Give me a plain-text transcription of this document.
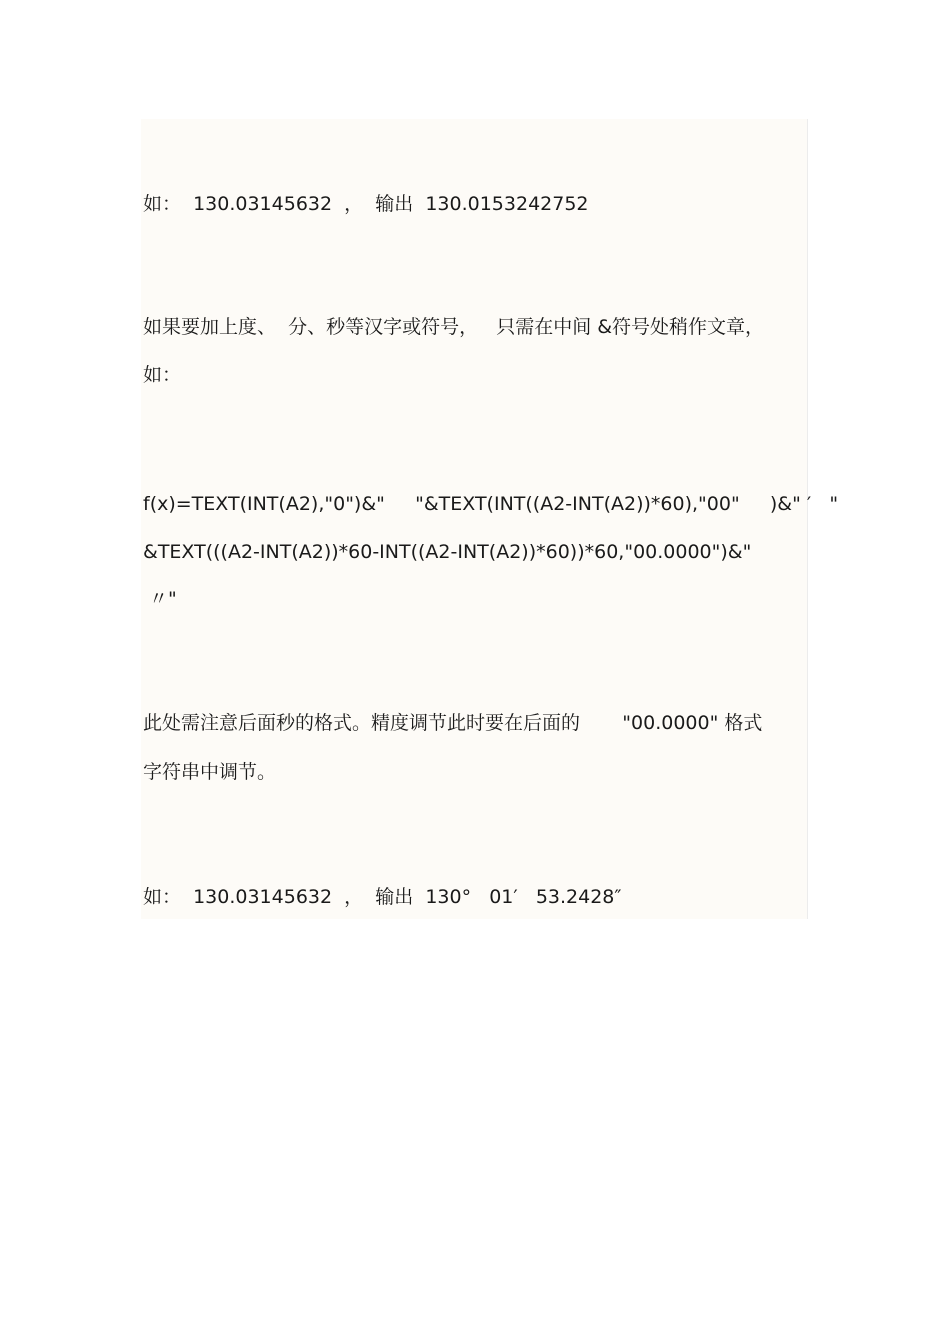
如：  130.03145632  ，  输出  130.0153242752
如果要加上度、  分、秒等汉字或符号，   只需在中间 &符号处稍作文章，
如：
f(x)=TEXT(INT(A2),"0")&"     "&TEXT(INT((A2-INT(A2))*60),"00"     )&" ′   "
&TEXT(((A2-INT(A2))*60-INT((A2-INT(A2))*60))*60,"00.0000")&"
〃"
此处需注意后面秒的格式。精度调节此时要在后面的       "00.0000" 格式
字符串中调节。
如：  130.03145632  ，  输出  130°   01′   53.2428″
